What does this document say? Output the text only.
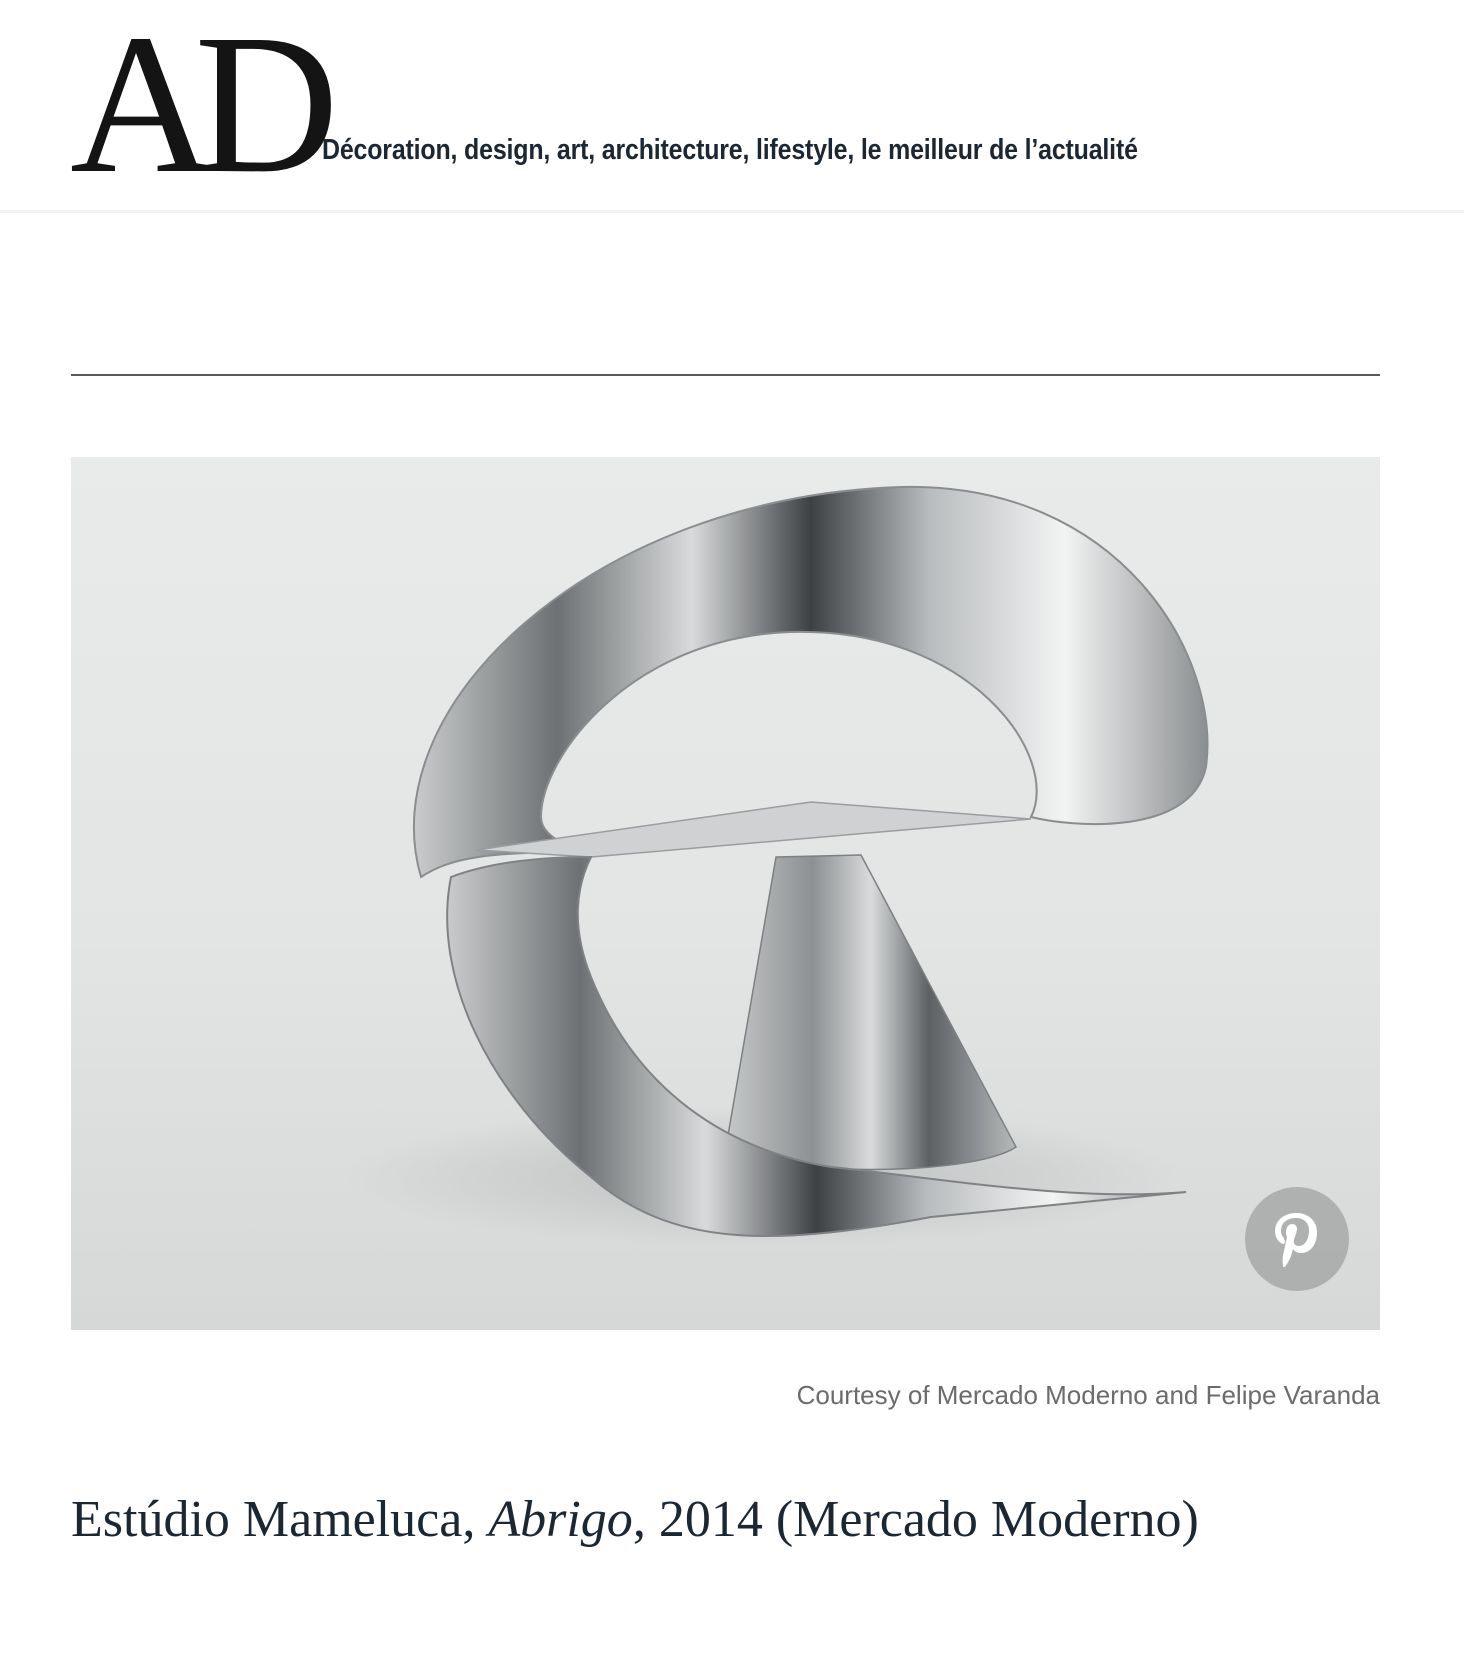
AD Décoration, design, art, architecture, lifestyle, le meilleur de l’actualité
Courtesy of Mercado Moderno and Felipe Varanda
Estúdio Mameluca, Abrigo, 2014 (Mercado Moderno)
